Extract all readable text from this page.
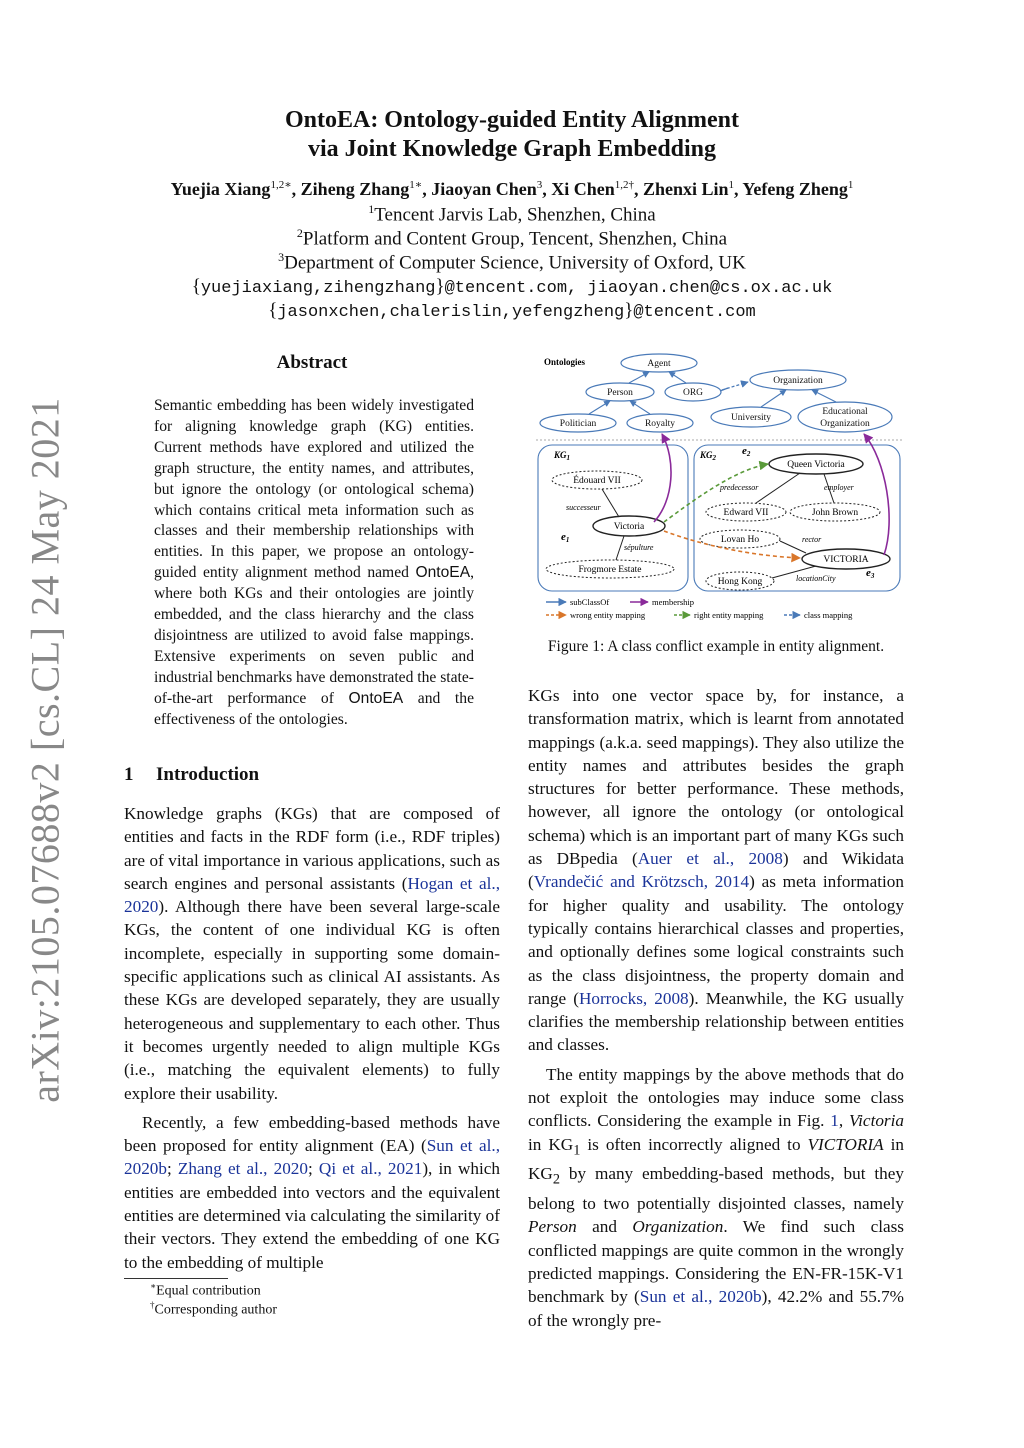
arXiv:2105.07688v2 [cs.CL] 24 May 2021
OntoEA: Ontology-guided Entity Alignment
via Joint Knowledge Graph Embedding
Yuejia Xiang$^{1,2∗}$, Ziheng Zhang$^{1∗}$, Jiaoyan Chen$^3$, Xi Chen$^{1,2\dagger}$, Zhenxi Lin$^1$, Yefeng Zheng$^1$
$^1$Tencent Jarvis Lab, Shenzhen, China
$^2$Platform and Content Group, Tencent, Shenzhen, China
$^3$Department of Computer Science, University of Oxford, UK
{yuejiaxiang,zihengzhang}@tencent.com, jiaoyan.chen@cs.ox.ac.uk
{jasonxchen,chalerislin,yefengzheng}@tencent.com
Abstract
Semantic embedding has been widely investigated for aligning knowledge graph (KG) entities. Current methods have explored and utilized the graph structure, the entity names, and attributes, but ignore the ontology (or ontological schema) which contains critical meta information such as classes and their membership relationships with entities. In this paper, we propose an ontology-guided entity alignment method named OntoEA, where both KGs and their ontologies are jointly embedded, and the class hierarchy and the class disjointness are utilized to avoid false mappings. Extensive experiments on seven public and industrial benchmarks have demonstrated the state-of-the-art performance of OntoEA and the effectiveness of the ontologies.
1 Introduction

Knowledge graphs (KGs) that are composed of entities and facts in the RDF form (i.e., RDF triples) are of vital importance in various applications, such as search engines and personal assistants (Hogan et al., 2020). Although there have been several large-scale KGs, the content of one individual KG is often incomplete, especially in supporting some domain-specific applications such as clinical AI assistants. As these KGs are developed separately, they are usually heterogeneous and supplementary to each other. Thus it becomes urgently needed to align multiple KGs (i.e., matching the equivalent elements) to fully explore their usability.

Recently, a few embedding-based methods have been proposed for entity alignment (EA) (Sun et al., 2020b; Zhang et al., 2020; Qi et al., 2021), in which entities are embedded into vectors and the equivalent entities are determined via calculating the similarity of their vectors. They extend the embedding of one KG to the embedding of multiple

∗Equal contribution
†Corresponding author
Ontologies	Agent
Person	ORG
Politician	Royalty
Organization
University
Educational
Organization
$KG_1$	$KG_2$
Édouard VII
Victoria
Frogmore Estate
successeur
sépulture
e1
Queen Victoria
Edward VII	John Brown
Lovan Ho
VICTORIA
Hong Kong
predecessor	employer
rector
locationCity
e2
e3
subClassOf	membership
wrong entity mapping	right entity mapping	class mapping
Figure 1: A class conflict example in entity alignment.

KGs into one vector space by, for instance, a transformation matrix, which is learnt from annotated mappings (a.k.a. seed mappings). They also utilize the entity names and attributes besides the graph structures for better performance. These methods, however, all ignore the ontology (or ontological schema) which is an important part of many KGs such as DBpedia (Auer et al., 2008) and Wikidata (Vrandečić and Krötzsch, 2014) as meta information for higher quality and usability. The ontology typically contains hierarchical classes and properties, and optionally defines some logical constraints such as the class disjointness, the property domain and range (Horrocks, 2008). Meanwhile, the KG usually clarifies the membership relationship between entities and classes.

The entity mappings by the above methods that do not exploit the ontologies may induce some class conflicts. Considering the example in Fig. 1, Victoria in $KG_1$ is often incorrectly aligned to VICTORIA in $KG_2$ by many embedding-based methods, but they belong to two potentially disjointed classes, namely Person and Organization. We find such class conflicted mappings are quite common in the wrongly predicted mappings. Considering the EN-FR-15K-V1 benchmark by (Sun et al., 2020b), 42.2% and 55.7% of the wrongly pre-
